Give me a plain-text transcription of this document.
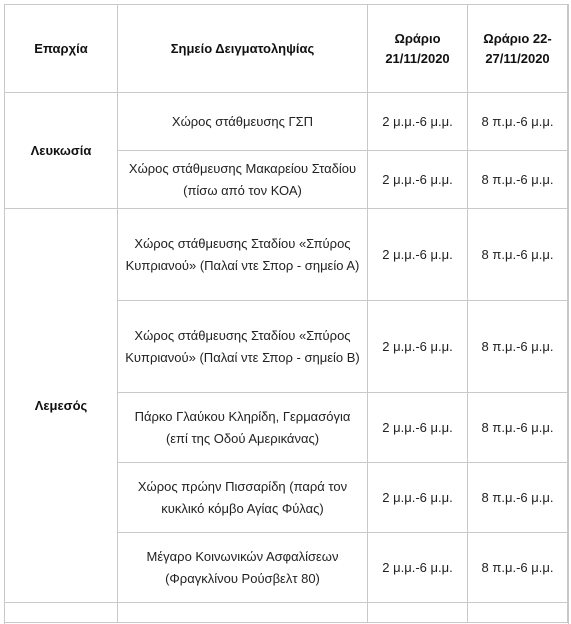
Επαρχία	Σημείο Δειγματοληψίας	Ωράριο 21/11/2020	Ωράριο 22-27/11/2020
Λευκωσία	Χώρος στάθμευσης ΓΣΠ	2 μ.μ.-6 μ.μ.	8 π.μ.-6 μ.μ.
	Χώρος στάθμευσης Μακαρείου Σταδίου (πίσω από τον ΚΟΑ)	2 μ.μ.-6 μ.μ.	8 π.μ.-6 μ.μ.
Λεμεσός	Χώρος στάθμευσης Σταδίου «Σπύρος Κυπριανού» (Παλαί ντε Σπορ - σημείο Α)	2 μ.μ.-6 μ.μ.	8 π.μ.-6 μ.μ.
	Χώρος στάθμευσης Σταδίου «Σπύρος Κυπριανού» (Παλαί ντε Σπορ - σημείο Β)	2 μ.μ.-6 μ.μ.	8 π.μ.-6 μ.μ.
	Πάρκο Γλαύκου Κληρίδη, Γερμασόγια (επί της Οδού Αμερικάνας)	2 μ.μ.-6 μ.μ.	8 π.μ.-6 μ.μ.
	Χώρος πρώην Πισσαρίδη (παρά τον κυκλικό κόμβο Αγίας Φύλας)	2 μ.μ.-6 μ.μ.	8 π.μ.-6 μ.μ.
	Μέγαρο Κοινωνικών Ασφαλίσεων (Φραγκλίνου Ρούσβελτ 80)	2 μ.μ.-6 μ.μ.	8 π.μ.-6 μ.μ.
